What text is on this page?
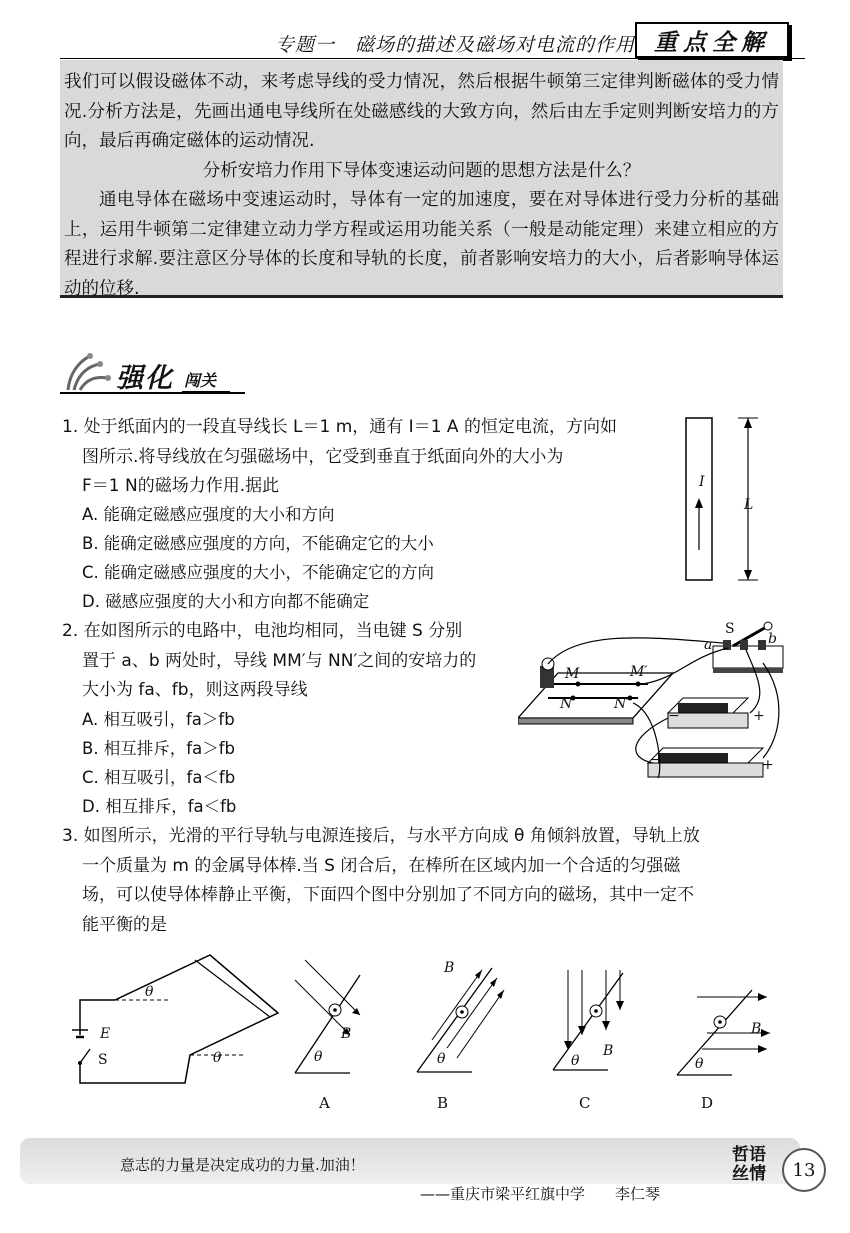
专题一　磁场的描述及磁场对电流的作用 重点全解

我们可以假设磁体不动，来考虑导线的受力情况，然后根据牛顿第三定律判断磁体的受力情况.分析方法是，先画出通电导线所在处磁感线的大致方向，然后由左手定则判断安培力的方向，最后再确定磁体的运动情况.

分析安培力作用下导体变速运动问题的思想方法是什么？

通电导体在磁场中变速运动时，导体有一定的加速度，要在对导体进行受力分析的基础上，运用牛顿第二定律建立动力学方程或运用功能关系（一般是动能定理）来建立相应的方程进行求解.要注意区分导体的长度和导轨的长度，前者影响安培力的大小，后者影响导体运动的位移.

强化 闯关
1. 处于纸面内的一段直导线长 L＝1 m，通有 I＝1 A 的恒定电流，方向如
图所示.将导线放在匀强磁场中，它受到垂直于纸面向外的大小为
F＝1 N的磁场力作用.据此
A. 能确定磁感应强度的大小和方向
B. 能确定磁感应强度的方向，不能确定它的大小
C. 能确定磁感应强度的大小，不能确定它的方向
D. 磁感应强度的大小和方向都不能确定
I
L
2. 在如图所示的电路中，电池均相同，当电键 S 分别
置于 a、b 两处时，导线 MM′与 NN′之间的安培力的
大小为 fa、fb，则这两段导线
A. 相互吸引，fa＞fb
B. 相互排斥，fa＞fb
C. 相互吸引，fa＜fb
D. 相互排斥，fa＜fb
S
a	b
M	M′
N	N′
−	+
−	+
3. 如图所示，光滑的平行导轨与电源连接后，与水平方向成 θ 角倾斜放置，导轨上放
一个质量为 m 的金属导体棒.当 S 闭合后，在棒所在区域内加一个合适的匀强磁
场，可以使导体棒静止平衡，下面四个图中分别加了不同方向的磁场，其中一定不
能平衡的是
θ
θ
E
S
B
θ
B
θ	B
θ
B
θ
A	B	C	D
意志的力量是决定成功的力量.加油！
——重庆市梁平红旗中学　　李仁琴
哲语
丝情	13
